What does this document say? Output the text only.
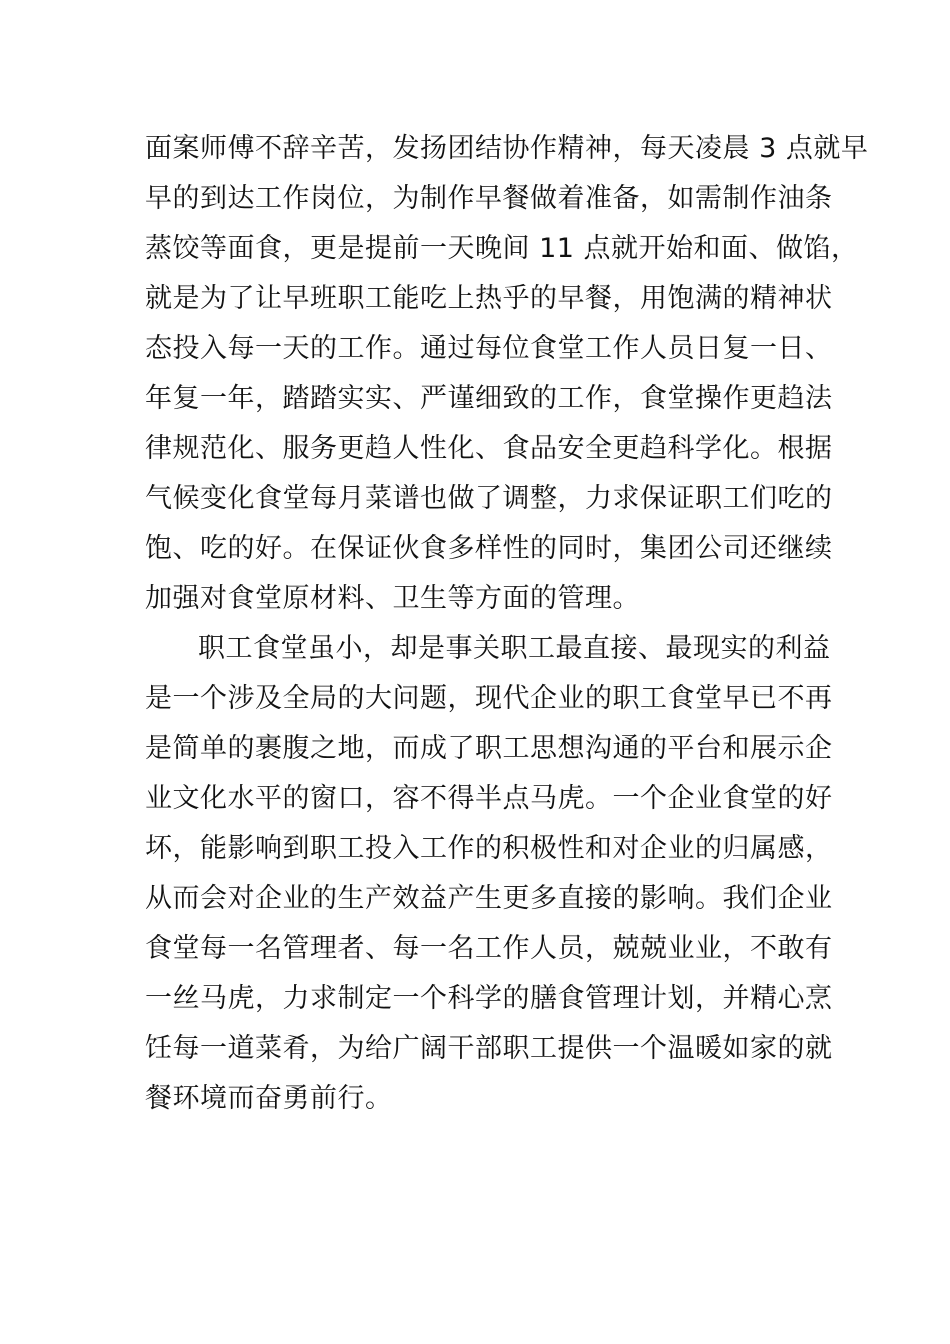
面案师傅不辞辛苦，发扬团结协作精神，每天凌晨 3 点就早
早的到达工作岗位，为制作早餐做着准备，如需制作油条
蒸饺等面食，更是提前一天晚间 11 点就开始和面、做馅，
就是为了让早班职工能吃上热乎的早餐，用饱满的精神状
态投入每一天的工作。通过每位食堂工作人员日复一日、
年复一年，踏踏实实、严谨细致的工作，食堂操作更趋法
律规范化、服务更趋人性化、食品安全更趋科学化。根据
气候变化食堂每月菜谱也做了调整，力求保证职工们吃的
饱、吃的好。在保证伙食多样性的同时，集团公司还继续
加强对食堂原材料、卫生等方面的管理。
职工食堂虽小，却是事关职工最直接、最现实的利益
是一个涉及全局的大问题，现代企业的职工食堂早已不再
是简单的裹腹之地，而成了职工思想沟通的平台和展示企
业文化水平的窗口，容不得半点马虎。一个企业食堂的好
坏，能影响到职工投入工作的积极性和对企业的归属感，
从而会对企业的生产效益产生更多直接的影响。我们企业
食堂每一名管理者、每一名工作人员，兢兢业业，不敢有
一丝马虎，力求制定一个科学的膳食管理计划，并精心烹
饪每一道菜肴，为给广阔干部职工提供一个温暖如家的就
餐环境而奋勇前行。
